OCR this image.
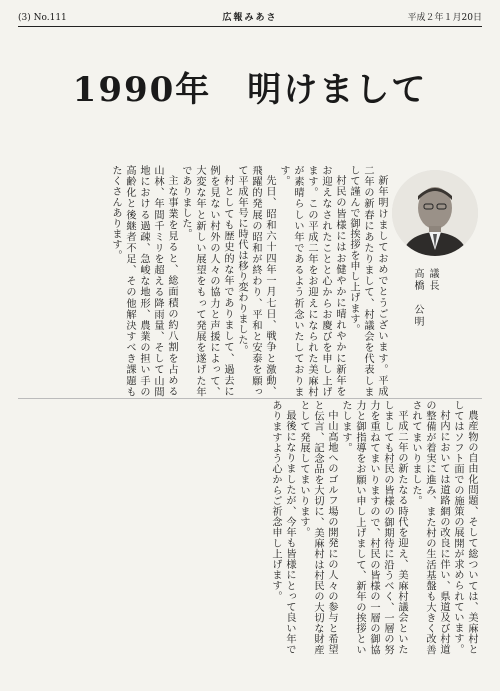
(3) No.111	広報みあさ	平成２年１月20日
1990年　明けまして

新年明けましておめでとうございます。平成二年の新春にあたりまして、村議会を代表しまして謹んで御挨拶を申し上げます。

村民の皆様にはお健やかに晴れやかに新年をお迎えなされたことと心からお慶びを申し上げます。この平成二年をお迎えになられた美麻村が素晴らしい年であるよう祈念いたしております。

先日、昭和六十四年一月七日、戦争と激動、飛躍的発展の昭和が終わり、平和と安泰を願って平成年号に時代は移り変わりました。

村としても歴史的な年でありまして、過去に例を見ない村外の人々の協力と声援によって、大変な年と新しい展望をもって発展を遂げた年でありました。

主な事業を見ると、総面積の約八割を占める山林、年間千ミリを超える降雨量、そして山間地における過疎、急峻な地形、農業の担い手の高齢化と後継者不足、その他解決すべき課題もたくさんあります。

議長
高橋　公明

農産物の自由化問題、そして総ついては、美麻村としてはソフト面での施策の展開が求められています。

村内においては道路網の改良に伴い、県道及び村道の整備が着実に進み、また村の生活基盤も大きく改善されてまいりました。

平成二年の新たなる時代を迎え、美麻村議会といたしましても村民の皆様の御期待に沿うべく、一層の努力を重ねてまいりますので、村民の皆様の一層の御協力と御指導をお願い申し上げまして、新年の挨拶といたします。

中山高地へのゴルフ場の開発にの人々の参与と希望と伝言、記念品を大切に、美麻村は村民の大切な財産として発展してまいります。

最後になりましたが、今年も皆様にとって良い年でありますよう心からご祈念申し上げます。
